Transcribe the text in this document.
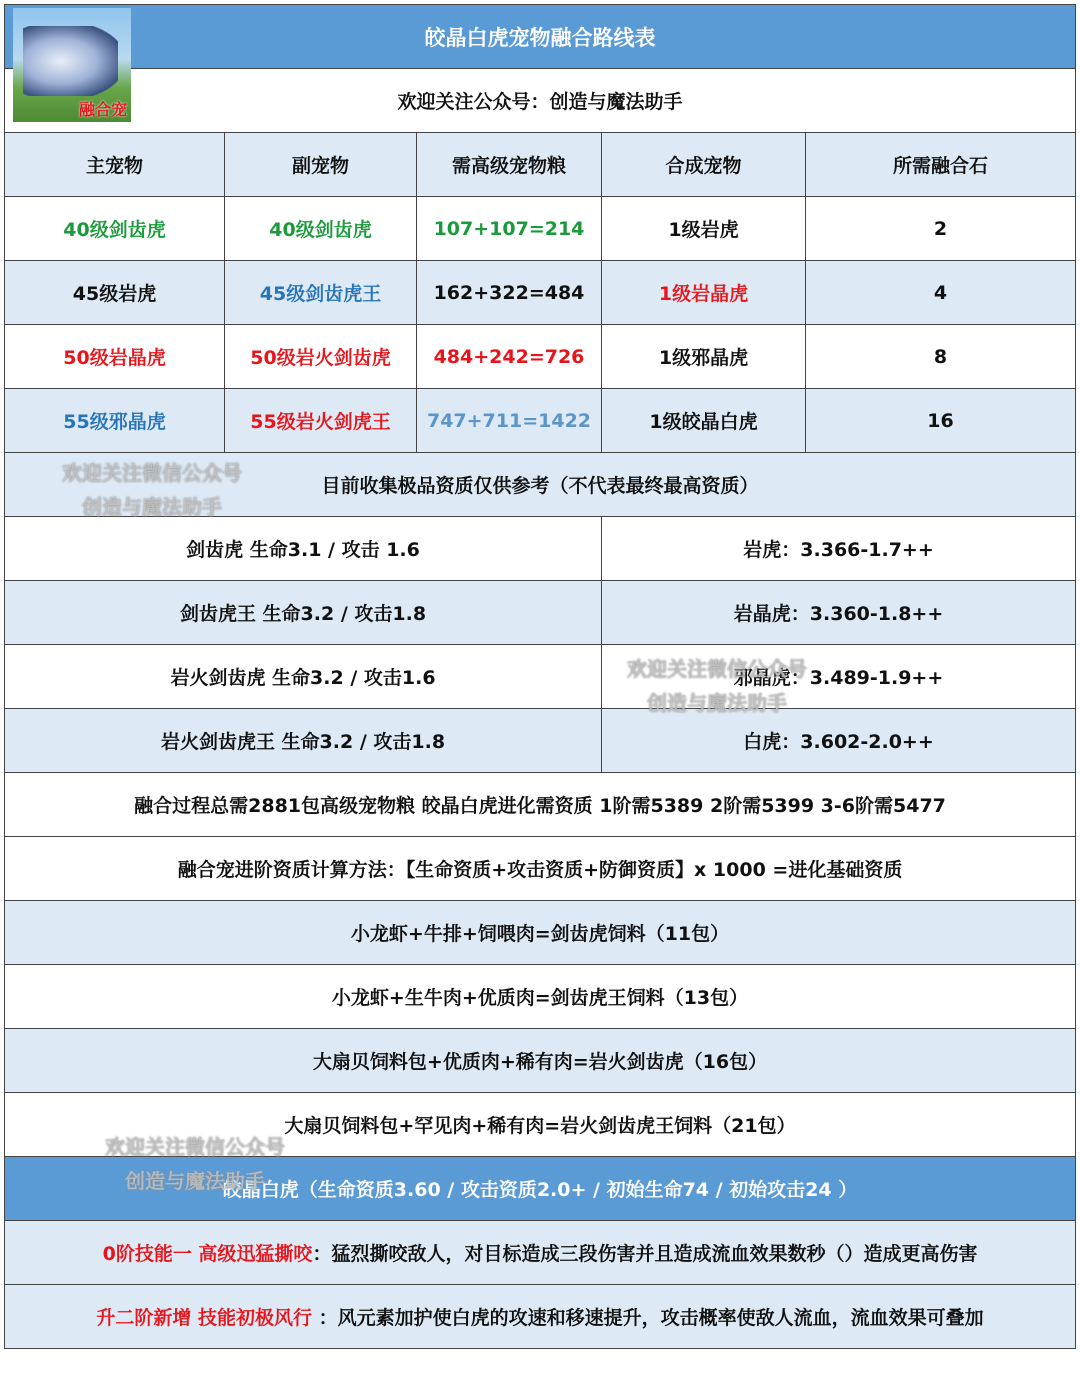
融合宠
皎晶白虎宠物融合路线表				
欢迎关注公众号：创造与魔法助手				
主宠物	副宠物	需高级宠物粮	合成宠物	所需融合石
40级剑齿虎	40级剑齿虎	107+107=214	1级岩虎	2
45级岩虎	45级剑齿虎王	162+322=484	1级岩晶虎	4
50级岩晶虎	50级岩火剑齿虎	484+242=726	1级邪晶虎	8
55级邪晶虎	55级岩火剑虎王	747+711=1422	1级皎晶白虎	16
目前收集极品资质仅供参考（不代表最终最高资质）				
剑齿虎 生命3.1 / 攻击 1.6			岩虎：3.366-1.7++	
剑齿虎王 生命3.2 / 攻击1.8			岩晶虎：3.360-1.8++	
岩火剑齿虎 生命3.2 / 攻击1.6			邪晶虎：3.489-1.9++	
岩火剑齿虎王 生命3.2 / 攻击1.8			白虎：3.602-2.0++	
融合过程总需2881包高级宠物粮 皎晶白虎进化需资质 1阶需5389 2阶需5399 3-6阶需5477				
融合宠进阶资质计算方法：【生命资质+攻击资质+防御资质】x 1000 =进化基础资质				
小龙虾+牛排+饲喂肉=剑齿虎饲料（11包）				
小龙虾+生牛肉+优质肉=剑齿虎王饲料（13包）				
大扇贝饲料包+优质肉+稀有肉=岩火剑齿虎（16包）				
大扇贝饲料包+罕见肉+稀有肉=岩火剑齿虎王饲料（21包）				
皎晶白虎（生命资质3.60 / 攻击资质2.0+ / 初始生命74 / 初始攻击24 ）				
0阶技能一 高级迅猛撕咬：猛烈撕咬敌人，对目标造成三段伤害并且造成流血效果数秒（）造成更高伤害				
升二阶新增 技能初极风行 ：风元素加护使白虎的攻速和移速提升，攻击概率使敌人流血，流血效果可叠加				
欢迎关注微信公众号
创造与魔法助手
欢迎关注微信公众号
创造与魔法助手
欢迎关注微信公众号
创造与魔法助手
